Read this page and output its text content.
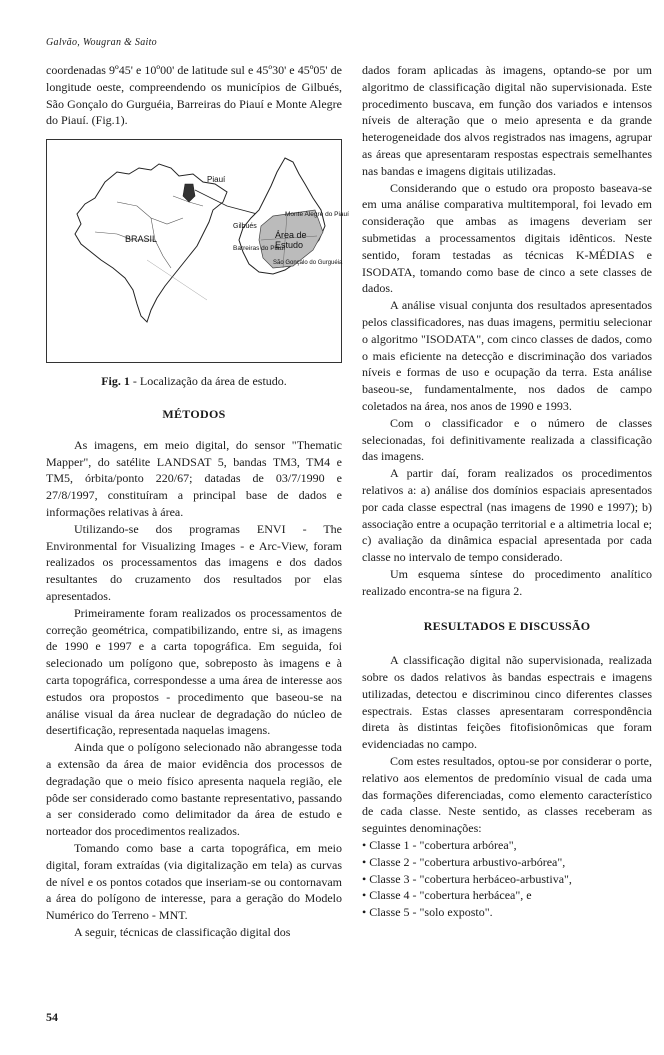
Galvão, Wougran & Saito

coordenadas 9º45' e 10º00' de latitude sul e 45º30' e 45º05' de longitude oeste, compreendendo os municípios de Gilbués, São Gonçalo do Gurguéia, Barreiras do Piauí e Monte Alegre do Piauí. (Fig.1).

Piauí
BRASIL
Gilbués
Monte Alegre do Piauí
Área de
Estudo
Barreiras do Piauí
São Gonçalo do Gurguéia
Fig. 1 - Localização da área de estudo.
MÉTODOS

As imagens, em meio digital, do sensor "Thematic Mapper", do satélite LANDSAT 5, bandas TM3, TM4 e TM5, órbita/ponto 220/67; datadas de 03/7/1990 e 27/8/1997, constituíram a principal base de dados e informações relativas à área.

Utilizando-se dos programas ENVI - The Environmental for Visualizing Images - e Arc-View, foram realizados os processamentos das imagens e dos dados resultantes do cruzamento dos resultados por elas apresentados.

Primeiramente foram realizados os processamentos de correção geométrica, compatibilizando, entre si, as imagens de 1990 e 1997 e a carta topográfica. Em seguida, foi selecionado um polígono que, sobreposto às imagens e à carta topográfica, correspondesse a uma área de interesse aos estudos ora propostos - procedimento que baseou-se na análise visual da área nuclear de degradação do núcleo de desertificação, representada naquelas imagens.

Ainda que o polígono selecionado não abrangesse toda a extensão da área de maior evidência dos processos de degradação que o meio físico apresenta naquela região, ele pôde ser considerado como bastante representativo, passando a ser considerado como delimitador da área de estudo e norteador dos procedimentos realizados.

Tomando como base a carta topográfica, em meio digital, foram extraídas (via digitalização em tela) as curvas de nível e os pontos cotados que inseriam-se ou contornavam a área do polígono de interesse, para a geração do Modelo Numérico do Terreno - MNT.

A seguir, técnicas de classificação digital dos

dados foram aplicadas às imagens, optando-se por um algoritmo de classificação digital não supervisionada. Este procedimento buscava, em função dos variados e intensos níveis de alteração que o meio apresenta e da grande heterogeneidade dos alvos registrados nas imagens, agrupar as áreas que apresentaram respostas espectrais semelhantes nas bandas e imagens digitais utilizadas.

Considerando que o estudo ora proposto baseava-se em uma análise comparativa multitemporal, foi levado em consideração que ambas as imagens deveriam ser submetidas a processamentos digitais idênticos. Neste sentido, foram testadas as técnicas K-MÉDIAS e ISODATA, tomando como base de cinco a sete classes de dados.

A análise visual conjunta dos resultados apresentados pelos classificadores, nas duas imagens, permitiu selecionar o algoritmo "ISODATA", com cinco classes de dados, como o mais eficiente na detecção e discriminação dos variados níveis e formas de uso e ocupação da terra. Esta análise baseou-se, fundamentalmente, nos dados de campo coletados na área, nos anos de 1990 e 1993.

Com o classificador e o número de classes selecionadas, foi definitivamente realizada a classificação das imagens.

A partir daí, foram realizados os procedimentos relativos a: a) análise dos domínios espaciais apresentados por cada classe espectral (nas imagens de 1990 e 1997); b) associação entre a ocupação territorial e a altimetria local e; c) avaliação da dinâmica espacial apresentada por cada classe no intervalo de tempo considerado.

Um esquema síntese do procedimento analítico realizado encontra-se na figura 2.

RESULTADOS E DISCUSSÃO

A classificação digital não supervisionada, realizada sobre os dados relativos às bandas espectrais e imagens utilizadas, detectou e discriminou cinco diferentes classes espectrais. Estas classes apresentaram correspondência direta às distintas feições fitofisionômicas que foram evidenciadas no campo.

Com estes resultados, optou-se por considerar o porte, relativo aos elementos de predomínio visual de cada uma das formações diferenciadas, como elemento característico de cada classe. Neste sentido, as classes receberam as seguintes denominações:

• Classe 1 - "cobertura arbórea",
• Classe 2 - "cobertura arbustivo-arbórea",
• Classe 3 - "cobertura herbáceo-arbustiva",
• Classe 4 - "cobertura herbácea", e
• Classe 5 - "solo exposto".
54
